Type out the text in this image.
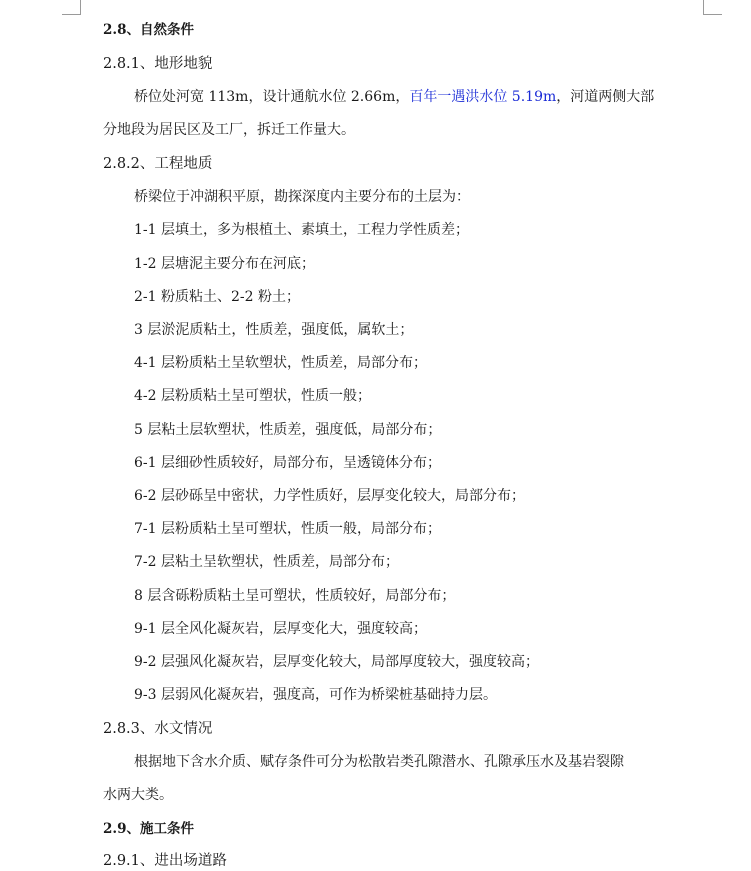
2.8、自然条件
2.8.1、地形地貌
桥位处河宽 113m，设计通航水位 2.66m，百年一遇洪水位 5.19m，河道两侧大部
分地段为居民区及工厂，拆迁工作量大。
2.8.2、工程地质
桥梁位于冲湖积平原，勘探深度内主要分布的土层为：
1-1 层填土，多为根植土、素填土，工程力学性质差；
1-2 层塘泥主要分布在河底；
2-1 粉质粘土、2-2 粉土；
3 层淤泥质粘土，性质差，强度低，属软土；
4-1 层粉质粘土呈软塑状，性质差，局部分布；
4-2 层粉质粘土呈可塑状，性质一般；
5 层粘土层软塑状，性质差，强度低，局部分布；
6-1 层细砂性质较好，局部分布，呈透镜体分布；
6-2 层砂砾呈中密状，力学性质好，层厚变化较大，局部分布；
7-1 层粉质粘土呈可塑状，性质一般，局部分布；
7-2 层粘土呈软塑状，性质差，局部分布；
8 层含砾粉质粘土呈可塑状，性质较好，局部分布；
9-1 层全风化凝灰岩，层厚变化大，强度较高；
9-2 层强风化凝灰岩，层厚变化较大，局部厚度较大，强度较高；
9-3 层弱风化凝灰岩，强度高，可作为桥梁桩基础持力层。
2.8.3、水文情况
根据地下含水介质、赋存条件可分为松散岩类孔隙潜水、孔隙承压水及基岩裂隙
水两大类。
2.9、施工条件
2.9.1、进出场道路
